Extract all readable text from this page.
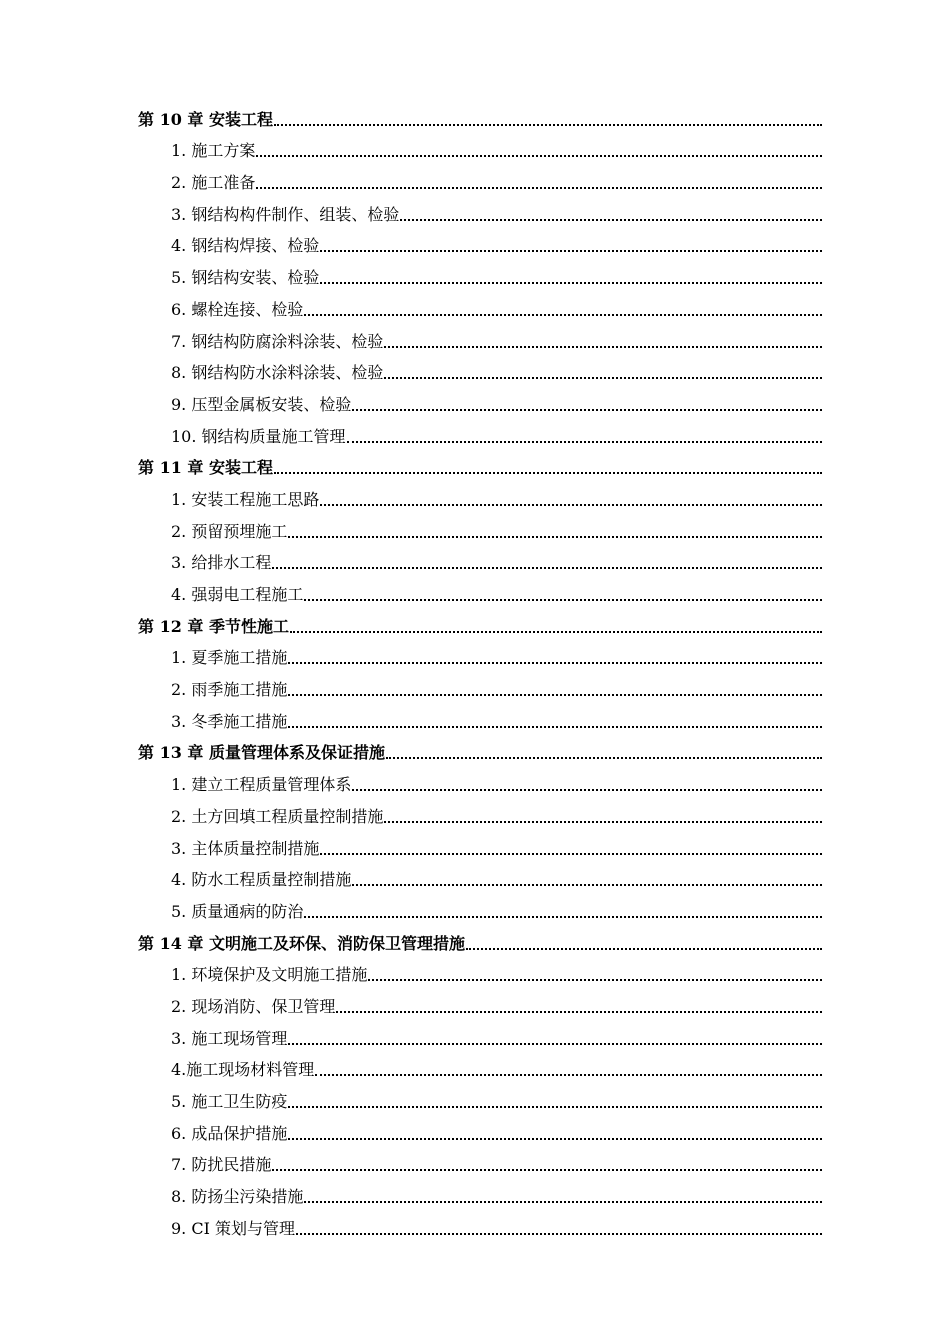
第 10 章 安装工程
1. 施工方案
2. 施工准备
3. 钢结构构件制作、组装、检验
4. 钢结构焊接、检验
5. 钢结构安装、检验
6. 螺栓连接、检验
7. 钢结构防腐涂料涂装、检验
8. 钢结构防水涂料涂装、检验
9. 压型金属板安装、检验
10. 钢结构质量施工管理
第 11 章 安装工程
1. 安装工程施工思路
2. 预留预埋施工
3. 给排水工程
4. 强弱电工程施工
第 12 章 季节性施工
1. 夏季施工措施
2. 雨季施工措施
3. 冬季施工措施
第 13 章 质量管理体系及保证措施
1. 建立工程质量管理体系
2. 土方回填工程质量控制措施
3. 主体质量控制措施
4. 防水工程质量控制措施
5. 质量通病的防治
第 14 章 文明施工及环保、消防保卫管理措施
1. 环境保护及文明施工措施
2. 现场消防、保卫管理
3. 施工现场管理
4.施工现场材料管理
5. 施工卫生防疫
6. 成品保护措施
7. 防扰民措施
8. 防扬尘污染措施
9. CI 策划与管理
